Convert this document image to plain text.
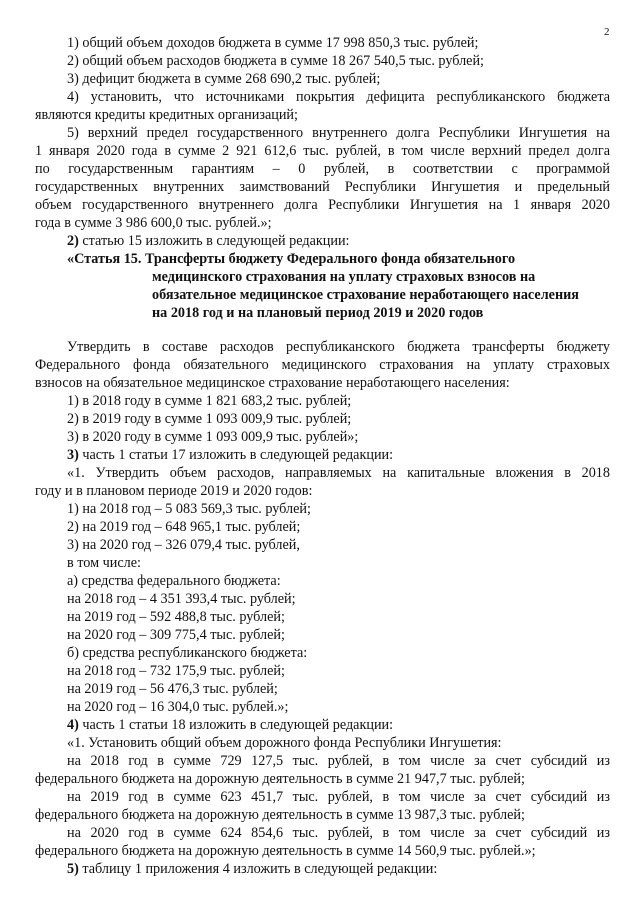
2
1) общий объем доходов бюджета в сумме 17 998 850,3 тыс. рублей;
2) общий объем расходов бюджета в сумме 18 267 540,5 тыс. рублей;
3) дефицит бюджета в сумме 268 690,2 тыс. рублей;
4) установить, что источниками покрытия дефицита республиканского бюджета
являются кредиты кредитных организаций;
5) верхний предел государственного внутреннего долга Республики Ингушетия на
1 января 2020 года в сумме 2 921 612,6 тыс. рублей, в том числе верхний предел долга
по государственным гарантиям – 0 рублей, в соответствии с программой
государственных внутренних заимствований Республики Ингушетия и предельный
объем государственного внутреннего долга Республики Ингушетия на 1 января 2020
года в сумме 3 986 600,0 тыс. рублей.»;
2) статью 15 изложить в следующей редакции:
«Статья 15. Трансферты бюджету Федерального фонда обязательного
медицинского страхования на уплату страховых взносов на
обязательное медицинское страхование неработающего населения
на 2018 год и на плановый период 2019 и 2020 годов
Утвердить в составе расходов республиканского бюджета трансферты бюджету
Федерального фонда обязательного медицинского страхования на уплату страховых
взносов на обязательное медицинское страхование неработающего населения:
1) в 2018 году в сумме 1 821 683,2 тыс. рублей;
2) в 2019 году в сумме 1 093 009,9 тыс. рублей;
3) в 2020 году в сумме 1 093 009,9 тыс. рублей»;
3) часть 1 статьи 17 изложить в следующей редакции:
«1. Утвердить объем расходов, направляемых на капитальные вложения в 2018
году и в плановом периоде 2019 и 2020 годов:
1) на 2018 год – 5 083 569,3 тыс. рублей;
2) на 2019 год – 648 965,1 тыс. рублей;
3) на 2020 год – 326 079,4 тыс. рублей,
в том числе:
а) средства федерального бюджета:
на 2018 год – 4 351 393,4 тыс. рублей;
на 2019 год – 592 488,8 тыс. рублей;
на 2020 год – 309 775,4 тыс. рублей;
б) средства республиканского бюджета:
на 2018 год – 732 175,9 тыс. рублей;
на 2019 год – 56 476,3 тыс. рублей;
на 2020 год – 16 304,0 тыс. рублей.»;
4) часть 1 статьи 18 изложить в следующей редакции:
«1. Установить общий объем дорожного фонда Республики Ингушетия:
на 2018 год в сумме 729 127,5 тыс. рублей, в том числе за счет субсидий из
федерального бюджета на дорожную деятельность в сумме 21 947,7 тыс. рублей;
на 2019 год в сумме 623 451,7 тыс. рублей, в том числе за счет субсидий из
федерального бюджета на дорожную деятельность в сумме 13 987,3 тыс. рублей;
на 2020 год в сумме 624 854,6 тыс. рублей, в том числе за счет субсидий из
федерального бюджета на дорожную деятельность в сумме 14 560,9 тыс. рублей.»;
5) таблицу 1 приложения 4 изложить в следующей редакции:
